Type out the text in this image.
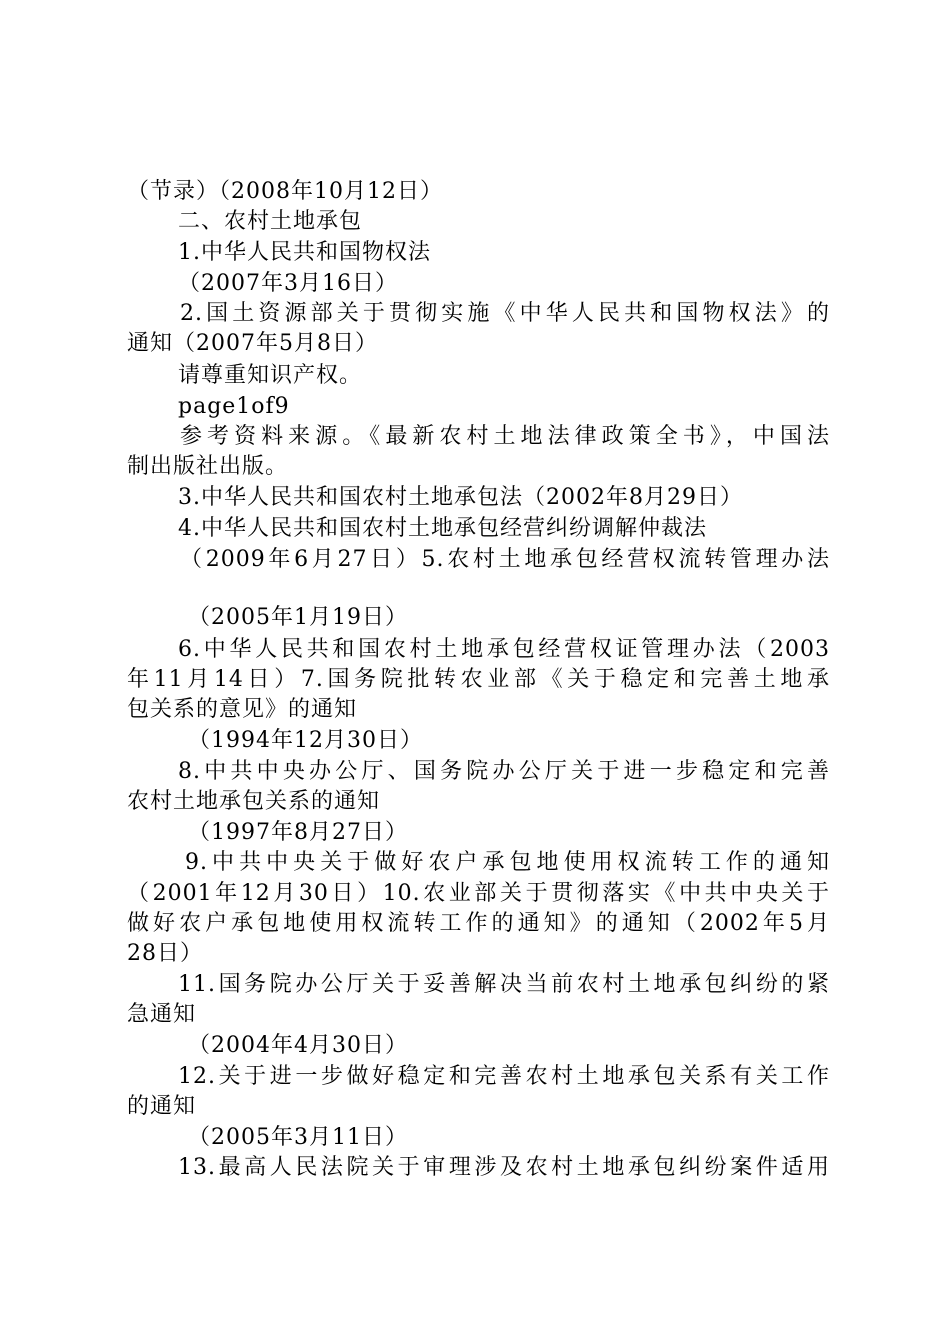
（节录）（2008年10月12日）
二、农村土地承包
1.中华人民共和国物权法
（2007年3月16日）
2.国土资源部关于贯彻实施《中华人民共和国物权法》的
通知（2007年5月8日）
请尊重知识产权。
page1of9
参考资料来源。《最新农村土地法律政策全书》，中国法
制出版社出版。
3.中华人民共和国农村土地承包法（2002年8月29日）
4.中华人民共和国农村土地承包经营纠纷调解仲裁法
（2009年6月27日）5.农村土地承包经营权流转管理办法
（2005年1月19日）
6.中华人民共和国农村土地承包经营权证管理办法（2003
年11月14日）7.国务院批转农业部《关于稳定和完善土地承
包关系的意见》的通知
（1994年12月30日）
8.中共中央办公厅、国务院办公厅关于进一步稳定和完善
农村土地承包关系的通知
（1997年8月27日）
9.中共中央关于做好农户承包地使用权流转工作的通知
（2001年12月30日）10.农业部关于贯彻落实《中共中央关于
做好农户承包地使用权流转工作的通知》的通知（2002年5月
28日）
11.国务院办公厅关于妥善解决当前农村土地承包纠纷的紧
急通知
（2004年4月30日）
12.关于进一步做好稳定和完善农村土地承包关系有关工作
的通知
（2005年3月11日）
13.最高人民法院关于审理涉及农村土地承包纠纷案件适用
